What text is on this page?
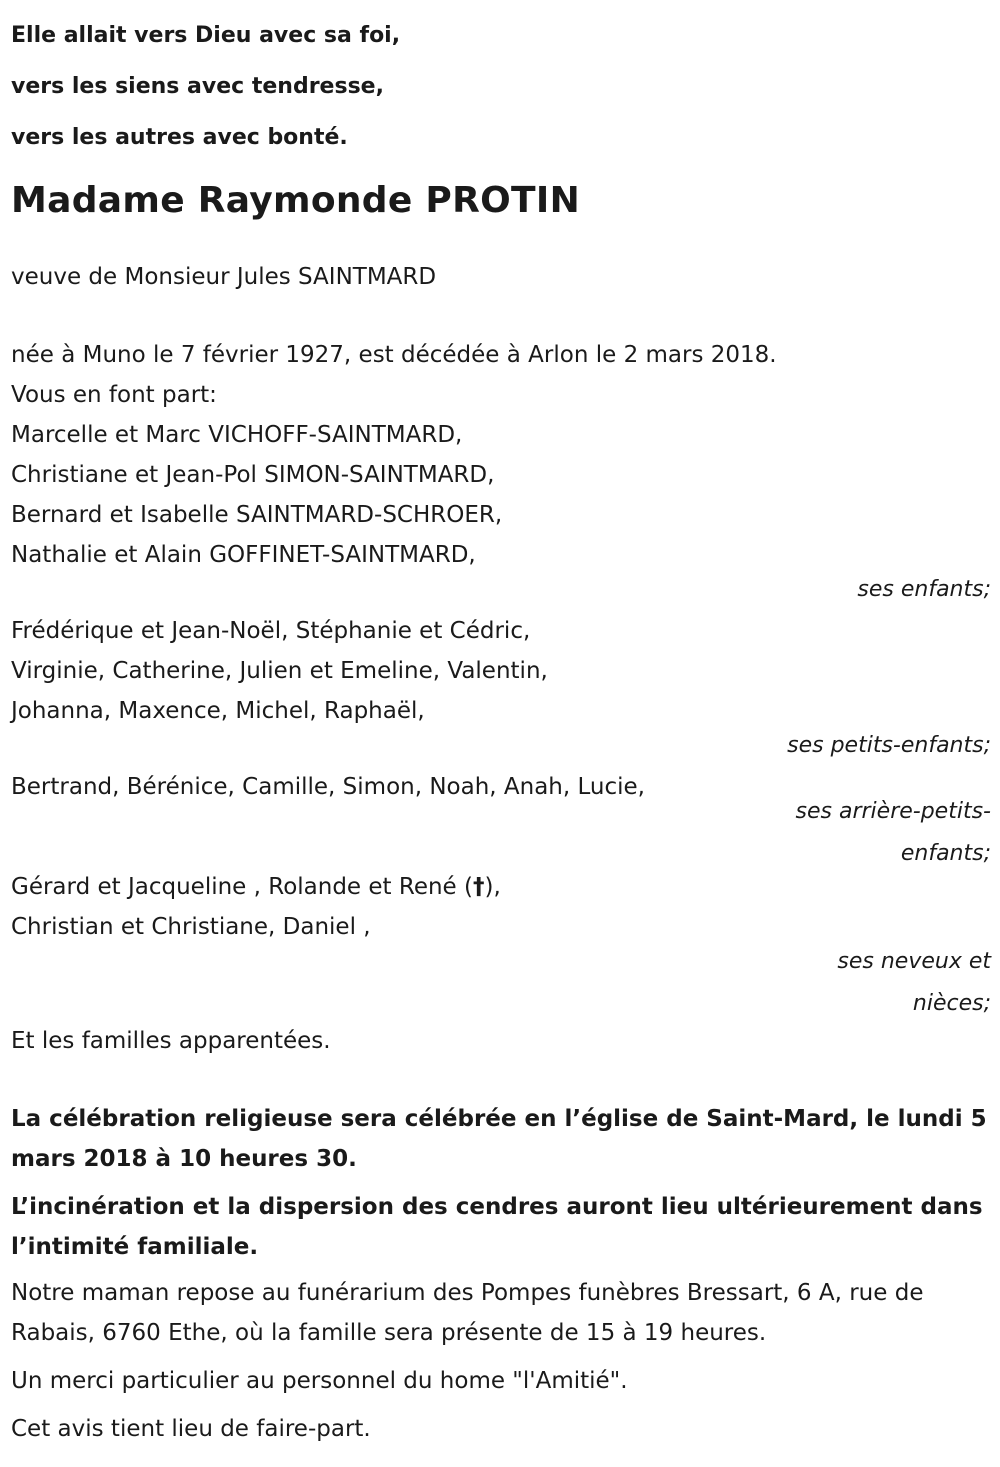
Elle allait vers Dieu avec sa foi,
vers les siens avec tendresse,
vers les autres avec bonté.
Madame Raymonde PROTIN

veuve de Monsieur Jules SAINTMARD

née à Muno le 7 février 1927, est décédée à Arlon le 2 mars 2018.

Vous en font part:

Marcelle et Marc VICHOFF-SAINTMARD,
Christiane et Jean-Pol SIMON-SAINTMARD,
Bernard et Isabelle SAINTMARD-SCHROER,
Nathalie et Alain GOFFINET-SAINTMARD,
ses enfants;
Frédérique et Jean-Noël, Stéphanie et Cédric,
Virginie, Catherine, Julien et Emeline, Valentin,
Johanna, Maxence, Michel, Raphaël,
ses petits-enfants;
Bertrand, Bérénice, Camille, Simon, Noah, Anah, Lucie,
ses arrière-petits-
enfants;
Gérard et Jacqueline , Rolande et René (†),
Christian et Christiane, Daniel ,
ses neveux et
nièces;

Et les familles apparentées.

La célébration religieuse sera célébrée en l’église de Saint-Mard, le lundi 5 mars 2018 à 10 heures 30.

L’incinération et la dispersion des cendres auront lieu ultérieurement dans l’intimité familiale.

Notre maman repose au funérarium des Pompes funèbres Bressart, 6 A, rue de Rabais, 6760 Ethe, où la famille sera présente de 15 à 19 heures.

Un merci particulier au personnel du home "l'Amitié".

Cet avis tient lieu de faire-part.
